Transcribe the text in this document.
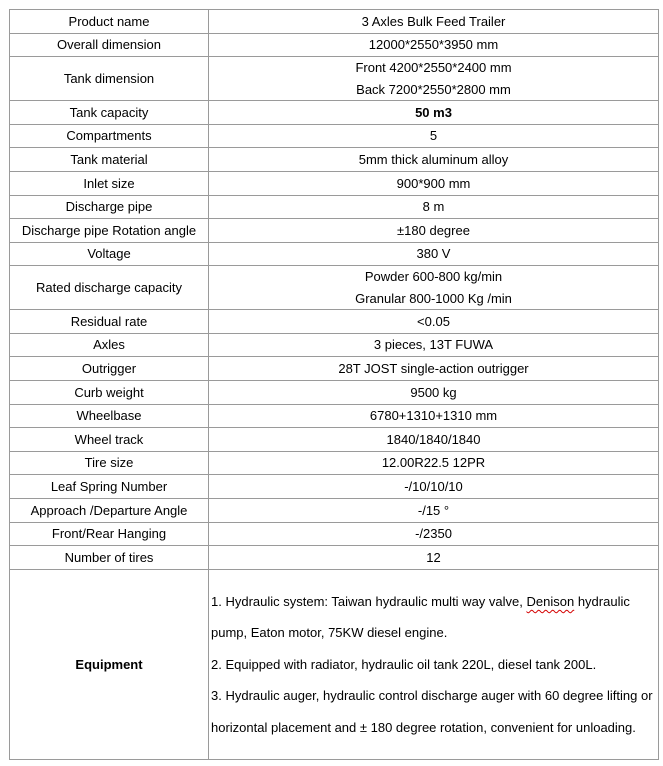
Product name	3 Axles Bulk Feed Trailer
Overall dimension	12000*2550*3950 mm
Tank dimension	Front 4200*2550*2400 mm
Back 7200*2550*2800 mm

Tank capacity	50 m3
Compartments	5
Tank material	5mm thick aluminum alloy
Inlet size	900*900 mm
Discharge pipe	8 m
Discharge pipe Rotation angle	±180 degree
Voltage	380 V
Rated discharge capacity	Powder 600-800 kg/min
Granular 800-1000 Kg /min

Residual rate	<0.05
Axles	3 pieces, 13T FUWA
Outrigger	28T JOST single-action outrigger
Curb weight	9500 kg
Wheelbase	6780+1310+1310 mm
Wheel track	1840/1840/1840
Tire size	12.00R22.5 12PR
Leaf Spring Number	-/10/10/10
Approach /Departure Angle	-/15 °
Front/Rear Hanging	-/2350
Number of tires	12
Equipment	1. Hydraulic system: Taiwan hydraulic multi way valve, Denison hydraulic pump, Eaton motor, 75KW diesel engine.
2. Equipped with radiator, hydraulic oil tank 220L, diesel tank 200L.
3. Hydraulic auger, hydraulic control discharge auger with 60 degree lifting or horizontal placement and ± 180 degree rotation, convenient for unloading.
